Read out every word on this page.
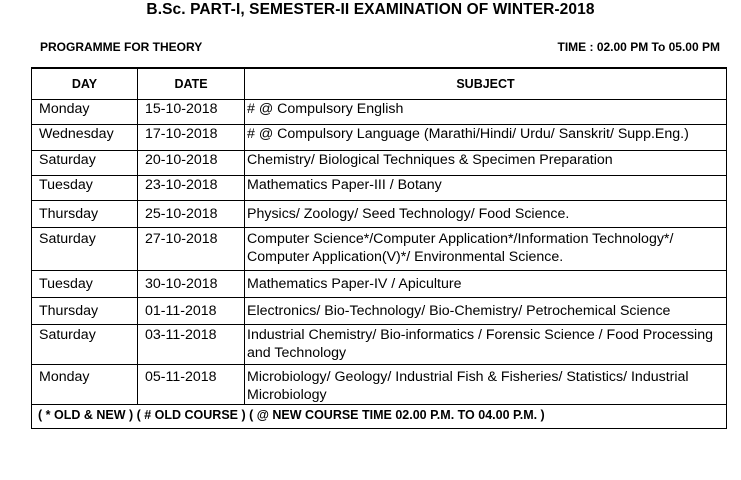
B.Sc. PART-I, SEMESTER-II EXAMINATION OF WINTER-2018
PROGRAMME FOR THEORY	TIME : 02.00 PM To 05.00 PM
DAY	DATE	SUBJECT
Monday	15-10-2018	# @ Compulsory English
Wednesday	17-10-2018	# @ Compulsory Language (Marathi/Hindi/ Urdu/ Sanskrit/ Supp.Eng.)
Saturday	20-10-2018	Chemistry/ Biological Techniques & Specimen Preparation
Tuesday	23-10-2018	Mathematics Paper-III / Botany
Thursday	25-10-2018	Physics/ Zoology/ Seed Technology/ Food Science.
Saturday	27-10-2018	Computer Science*/Computer Application*/Information Technology*/ Computer Application(V)*/ Environmental Science.
Tuesday	30-10-2018	Mathematics Paper-IV / Apiculture
Thursday	01-11-2018	Electronics/ Bio-Technology/ Bio-Chemistry/ Petrochemical Science
Saturday	03-11-2018	Industrial Chemistry/ Bio-informatics / Forensic Science / Food Processing and Technology
Monday	05-11-2018	Microbiology/ Geology/ Industrial Fish & Fisheries/ Statistics/ Industrial Microbiology
( * OLD & NEW ) ( # OLD COURSE ) ( @ NEW COURSE TIME 02.00 P.M. TO 04.00 P.M. )		
